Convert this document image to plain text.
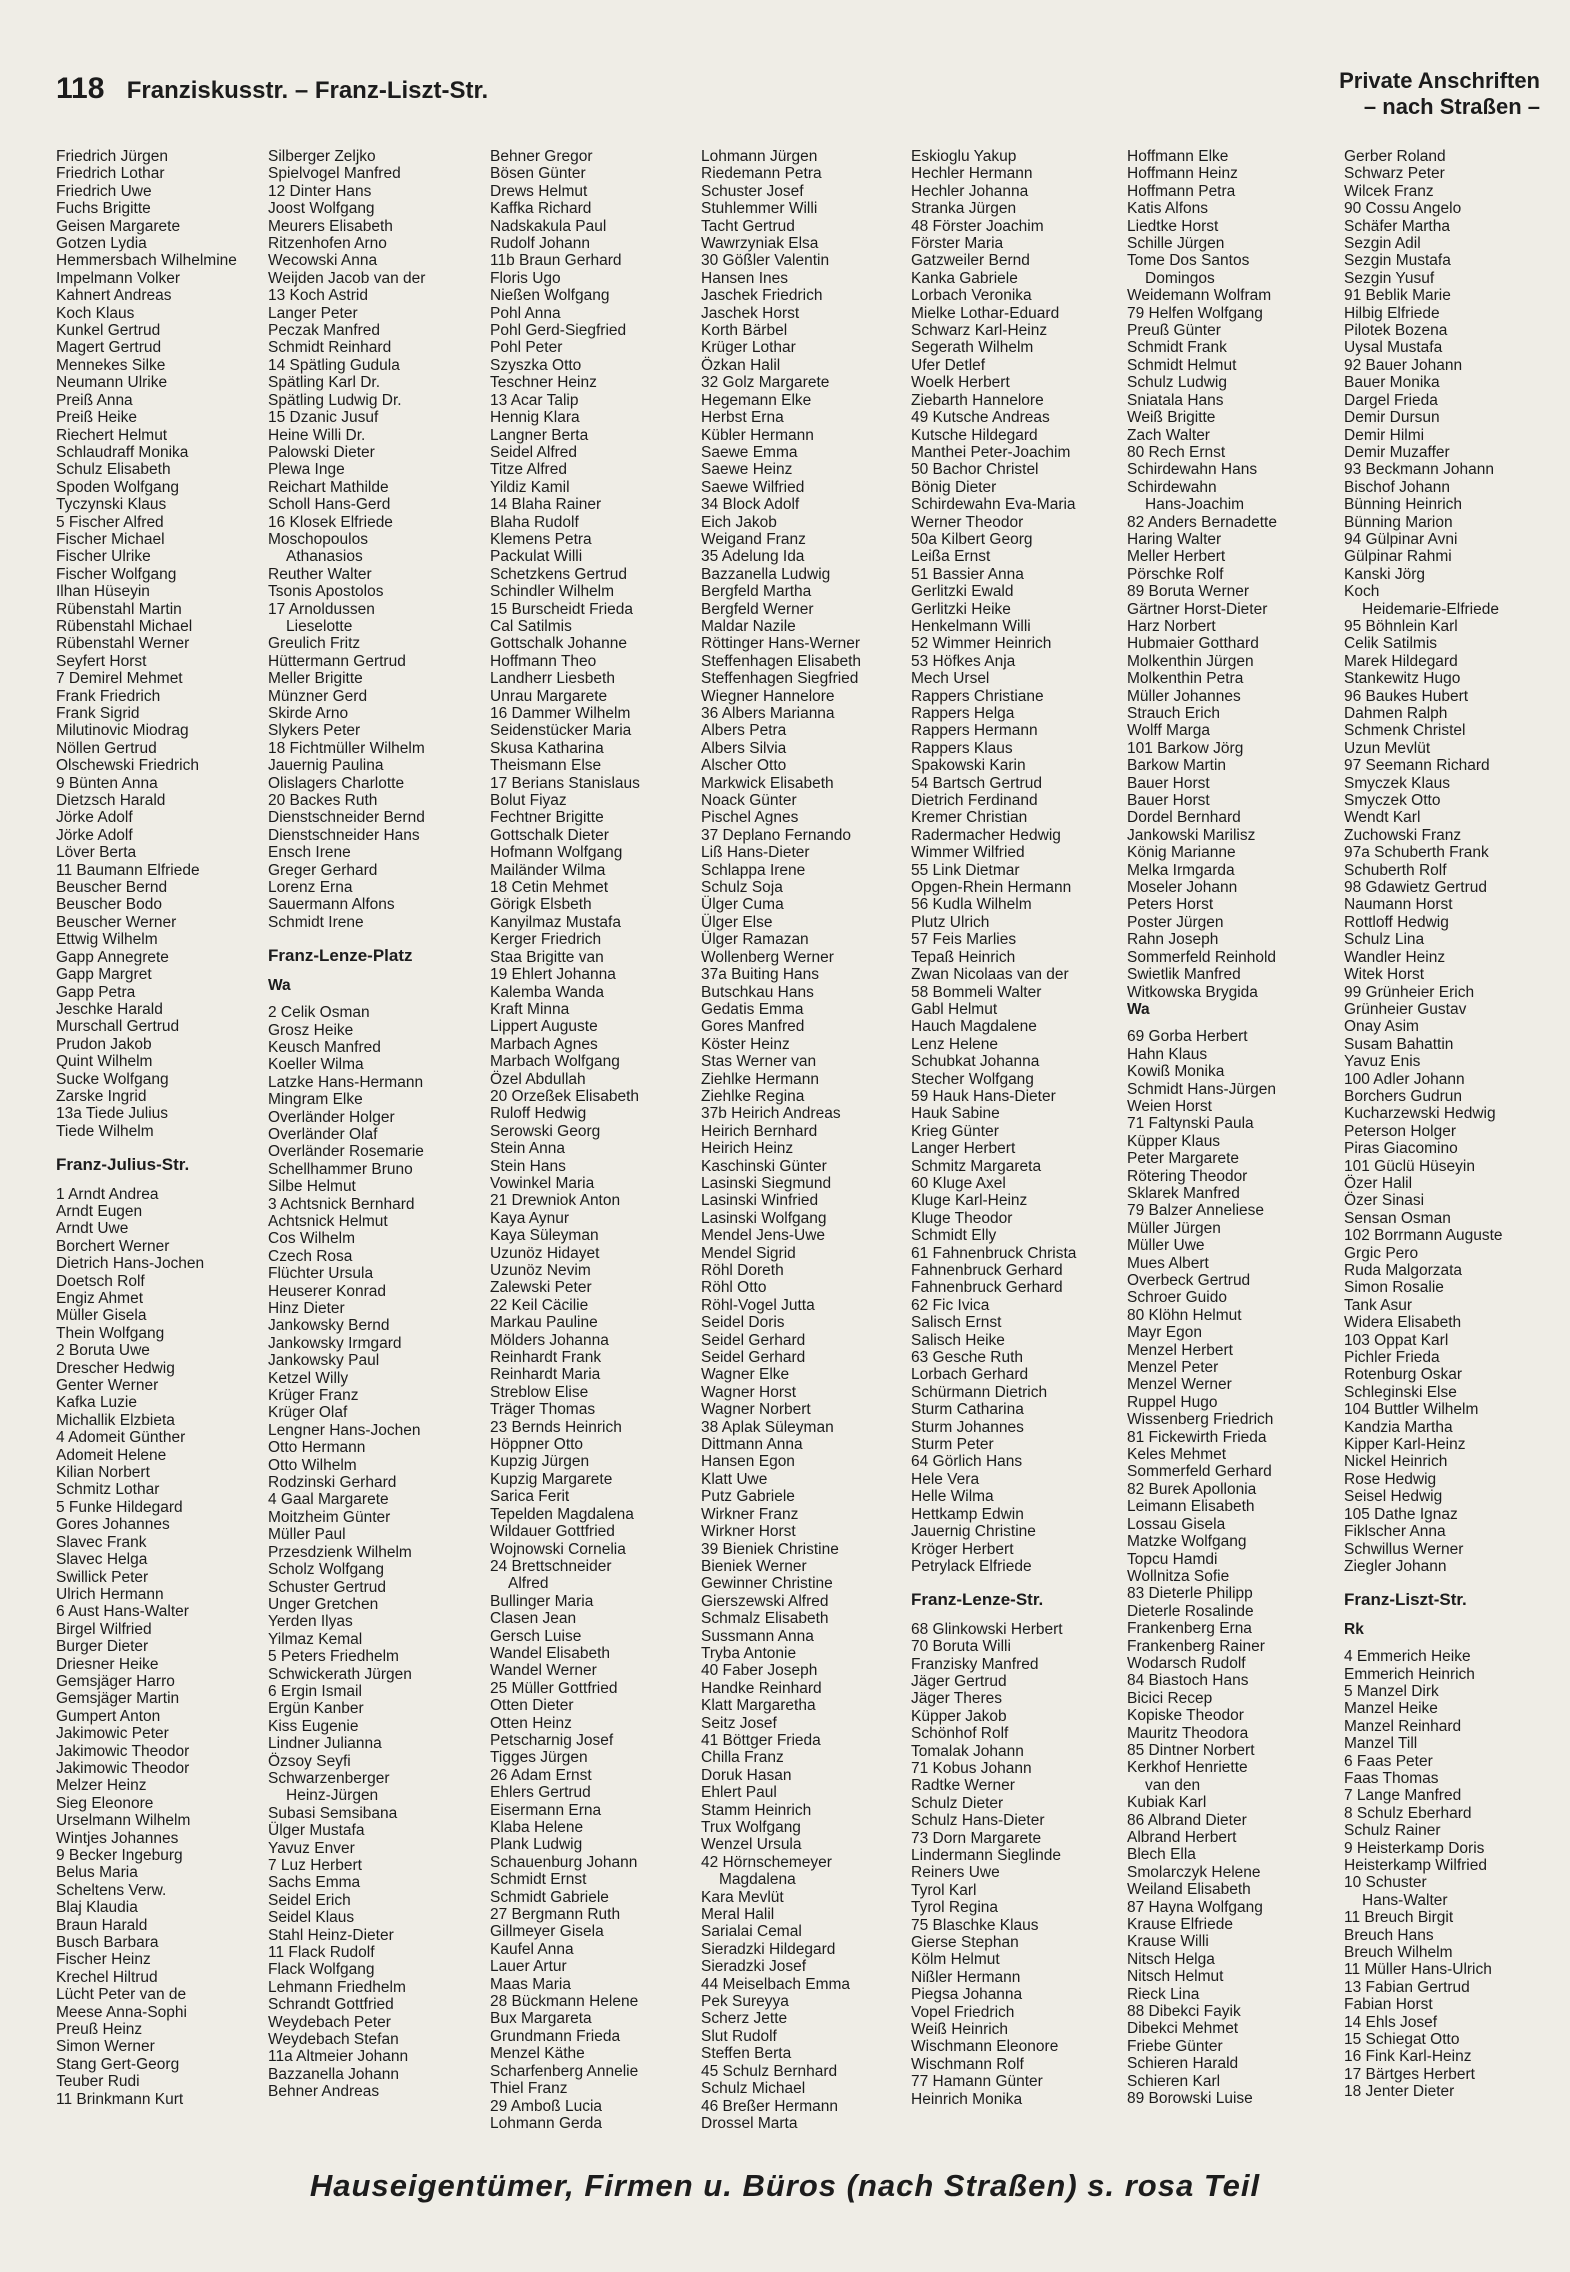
118 Franziskusstr. – Franz-Liszt-Str.	Private Anschriften
– nach Straßen –
Friedrich Jürgen
Friedrich Lothar
Friedrich Uwe
Fuchs Brigitte
Geisen Margarete
Gotzen Lydia
Hemmersbach Wilhelmine
Impelmann Volker
Kahnert Andreas
Koch Klaus
Kunkel Gertrud
Magert Gertrud
Mennekes Silke
Neumann Ulrike
Preiß Anna
Preiß Heike
Riechert Helmut
Schlaudraff Monika
Schulz Elisabeth
Spoden Wolfgang
Tyczynski Klaus
5 Fischer Alfred
Fischer Michael
Fischer Ulrike
Fischer Wolfgang
Ilhan Hüseyin
Rübenstahl Martin
Rübenstahl Michael
Rübenstahl Werner
Seyfert Horst
7 Demirel Mehmet
Frank Friedrich
Frank Sigrid
Milutinovic Miodrag
Nöllen Gertrud
Olschewski Friedrich
9 Bünten Anna
Dietzsch Harald
Jörke Adolf
Jörke Adolf
Löver Berta
11 Baumann Elfriede
Beuscher Bernd
Beuscher Bodo
Beuscher Werner
Ettwig Wilhelm
Gapp Annegrete
Gapp Margret
Gapp Petra
Jeschke Harald
Murschall Gertrud
Prudon Jakob
Quint Wilhelm
Sucke Wolfgang
Zarske Ingrid
13a Tiede Julius
Tiede Wilhelm
Franz-Julius-Str.
1 Arndt Andrea
Arndt Eugen
Arndt Uwe
Borchert Werner
Dietrich Hans-Jochen
Doetsch Rolf
Engiz Ahmet
Müller Gisela
Thein Wolfgang
2 Boruta Uwe
Drescher Hedwig
Genter Werner
Kafka Luzie
Michallik Elzbieta
4 Adomeit Günther
Adomeit Helene
Kilian Norbert
Schmitz Lothar
5 Funke Hildegard
Gores Johannes
Slavec Frank
Slavec Helga
Swillick Peter
Ulrich Hermann
6 Aust Hans-Walter
Birgel Wilfried
Burger Dieter
Driesner Heike
Gemsjäger Harro
Gemsjäger Martin
Gumpert Anton
Jakimowic Peter
Jakimowic Theodor
Jakimowic Theodor
Melzer Heinz
Sieg Eleonore
Urselmann Wilhelm
Wintjes Johannes
9 Becker Ingeburg
Belus Maria
Scheltens Verw.
Blaj Klaudia
Braun Harald
Busch Barbara
Fischer Heinz
Krechel Hiltrud
Lücht Peter van de
Meese Anna-Sophi
Preuß Heinz
Simon Werner
Stang Gert-Georg
Teuber Rudi
11 Brinkmann Kurt
Silberger Zeljko
Spielvogel Manfred
12 Dinter Hans
Joost Wolfgang
Meurers Elisabeth
Ritzenhofen Arno
Wecowski Anna
Weijden Jacob van der
13 Koch Astrid
Langer Peter
Peczak Manfred
Schmidt Reinhard
14 Spätling Gudula
Spätling Karl Dr.
Spätling Ludwig Dr.
15 Dzanic Jusuf
Heine Willi Dr.
Palowski Dieter
Plewa Inge
Reichart Mathilde
Scholl Hans-Gerd
16 Klosek Elfriede
Moschopoulos
Athanasios
Reuther Walter
Tsonis Apostolos
17 Arnoldussen
Lieselotte
Greulich Fritz
Hüttermann Gertrud
Meller Brigitte
Münzner Gerd
Skirde Arno
Slykers Peter
18 Fichtmüller Wilhelm
Jauernig Paulina
Olislagers Charlotte
20 Backes Ruth
Dienstschneider Bernd
Dienstschneider Hans
Ensch Irene
Greger Gerhard
Lorenz Erna
Sauermann Alfons
Schmidt Irene
Franz-Lenze-Platz
Wa
2 Celik Osman
Grosz Heike
Keusch Manfred
Koeller Wilma
Latzke Hans-Hermann
Mingram Elke
Overländer Holger
Overländer Olaf
Overländer Rosemarie
Schellhammer Bruno
Silbe Helmut
3 Achtsnick Bernhard
Achtsnick Helmut
Cos Wilhelm
Czech Rosa
Flüchter Ursula
Heuserer Konrad
Hinz Dieter
Jankowsky Bernd
Jankowsky Irmgard
Jankowsky Paul
Ketzel Willy
Krüger Franz
Krüger Olaf
Lengner Hans-Jochen
Otto Hermann
Otto Wilhelm
Rodzinski Gerhard
4 Gaal Margarete
Moitzheim Günter
Müller Paul
Przesdzienk Wilhelm
Scholz Wolfgang
Schuster Gertrud
Unger Gretchen
Yerden Ilyas
Yilmaz Kemal
5 Peters Friedhelm
Schwickerath Jürgen
6 Ergin Ismail
Ergün Kanber
Kiss Eugenie
Lindner Julianna
Özsoy Seyfi
Schwarzenberger
Heinz-Jürgen
Subasi Semsibana
Ülger Mustafa
Yavuz Enver
7 Luz Herbert
Sachs Emma
Seidel Erich
Seidel Klaus
Stahl Heinz-Dieter
11 Flack Rudolf
Flack Wolfgang
Lehmann Friedhelm
Schrandt Gottfried
Weydebach Peter
Weydebach Stefan
11a Altmeier Johann
Bazzanella Johann
Behner Andreas
Behner Gregor
Bösen Günter
Drews Helmut
Kaffka Richard
Nadskakula Paul
Rudolf Johann
11b Braun Gerhard
Floris Ugo
Nießen Wolfgang
Pohl Anna
Pohl Gerd-Siegfried
Pohl Peter
Szyszka Otto
Teschner Heinz
13 Acar Talip
Hennig Klara
Langner Berta
Seidel Alfred
Titze Alfred
Yildiz Kamil
14 Blaha Rainer
Blaha Rudolf
Klemens Petra
Packulat Willi
Schetzkens Gertrud
Schindler Wilhelm
15 Burscheidt Frieda
Cal Satilmis
Gottschalk Johanne
Hoffmann Theo
Landherr Liesbeth
Unrau Margarete
16 Dammer Wilhelm
Seidenstücker Maria
Skusa Katharina
Theismann Else
17 Berians Stanislaus
Bolut Fiyaz
Fechtner Brigitte
Gottschalk Dieter
Hofmann Wolfgang
Mailänder Wilma
18 Cetin Mehmet
Görigk Elsbeth
Kanyilmaz Mustafa
Kerger Friedrich
Staa Brigitte van
19 Ehlert Johanna
Kalemba Wanda
Kraft Minna
Lippert Auguste
Marbach Agnes
Marbach Wolfgang
Özel Abdullah
20 Orzeßek Elisabeth
Ruloff Hedwig
Serowski Georg
Stein Anna
Stein Hans
Vowinkel Maria
21 Drewniok Anton
Kaya Aynur
Kaya Süleyman
Uzunöz Hidayet
Uzunöz Nevim
Zalewski Peter
22 Keil Cäcilie
Markau Pauline
Mölders Johanna
Reinhardt Frank
Reinhardt Maria
Streblow Elise
Träger Thomas
23 Bernds Heinrich
Höppner Otto
Kupzig Jürgen
Kupzig Margarete
Sarica Ferit
Tepelden Magdalena
Wildauer Gottfried
Wojnowski Cornelia
24 Brettschneider
Alfred
Bullinger Maria
Clasen Jean
Gersch Luise
Wandel Elisabeth
Wandel Werner
25 Müller Gottfried
Otten Dieter
Otten Heinz
Petscharnig Josef
Tigges Jürgen
26 Adam Ernst
Ehlers Gertrud
Eisermann Erna
Klaba Helene
Plank Ludwig
Schauenburg Johann
Schmidt Ernst
Schmidt Gabriele
27 Bergmann Ruth
Gillmeyer Gisela
Kaufel Anna
Lauer Artur
Maas Maria
28 Bückmann Helene
Bux Margareta
Grundmann Frieda
Menzel Käthe
Scharfenberg Annelie
Thiel Franz
29 Amboß Lucia
Lohmann Gerda
Lohmann Jürgen
Riedemann Petra
Schuster Josef
Stuhlemmer Willi
Tacht Gertrud
Wawrzyniak Elsa
30 Gößler Valentin
Hansen Ines
Jaschek Friedrich
Jaschek Horst
Korth Bärbel
Krüger Lothar
Özkan Halil
32 Golz Margarete
Hegemann Elke
Herbst Erna
Kübler Hermann
Saewe Emma
Saewe Heinz
Saewe Wilfried
34 Block Adolf
Eich Jakob
Weigand Franz
35 Adelung Ida
Bazzanella Ludwig
Bergfeld Martha
Bergfeld Werner
Maldar Nazile
Röttinger Hans-Werner
Steffenhagen Elisabeth
Steffenhagen Siegfried
Wiegner Hannelore
36 Albers Marianna
Albers Petra
Albers Silvia
Alscher Otto
Markwick Elisabeth
Noack Günter
Pischel Agnes
37 Deplano Fernando
Liß Hans-Dieter
Schlappa Irene
Schulz Soja
Ülger Cuma
Ülger Else
Ülger Ramazan
Wollenberg Werner
37a Buiting Hans
Butschkau Hans
Gedatis Emma
Gores Manfred
Köster Heinz
Stas Werner van
Ziehlke Hermann
Ziehlke Regina
37b Heirich Andreas
Heirich Bernhard
Heirich Heinz
Kaschinski Günter
Lasinski Siegmund
Lasinski Winfried
Lasinski Wolfgang
Mendel Jens-Uwe
Mendel Sigrid
Röhl Doreth
Röhl Otto
Röhl-Vogel Jutta
Seidel Doris
Seidel Gerhard
Seidel Gerhard
Wagner Elke
Wagner Horst
Wagner Norbert
38 Aplak Süleyman
Dittmann Anna
Hansen Egon
Klatt Uwe
Putz Gabriele
Wirkner Franz
Wirkner Horst
39 Bieniek Christine
Bieniek Werner
Gewinner Christine
Gierszewski Alfred
Schmalz Elisabeth
Sussmann Anna
Tryba Antonie
40 Faber Joseph
Handke Reinhard
Klatt Margaretha
Seitz Josef
41 Böttger Frieda
Chilla Franz
Doruk Hasan
Ehlert Paul
Stamm Heinrich
Trux Wolfgang
Wenzel Ursula
42 Hörnschemeyer
Magdalena
Kara Mevlüt
Meral Halil
Sarialai Cemal
Sieradzki Hildegard
Sieradzki Josef
44 Meiselbach Emma
Pek Sureyya
Scherz Jette
Slut Rudolf
Steffen Berta
45 Schulz Bernhard
Schulz Michael
46 Breßer Hermann
Drossel Marta
Eskioglu Yakup
Hechler Hermann
Hechler Johanna
Stranka Jürgen
48 Förster Joachim
Förster Maria
Gatzweiler Bernd
Kanka Gabriele
Lorbach Veronika
Mielke Lothar-Eduard
Schwarz Karl-Heinz
Segerath Wilhelm
Ufer Detlef
Woelk Herbert
Ziebarth Hannelore
49 Kutsche Andreas
Kutsche Hildegard
Manthei Peter-Joachim
50 Bachor Christel
Bönig Dieter
Schirdewahn Eva-Maria
Werner Theodor
50a Kilbert Georg
Leißa Ernst
51 Bassier Anna
Gerlitzki Ewald
Gerlitzki Heike
Henkelmann Willi
52 Wimmer Heinrich
53 Höfkes Anja
Mech Ursel
Rappers Christiane
Rappers Helga
Rappers Hermann
Rappers Klaus
Spakowski Karin
54 Bartsch Gertrud
Dietrich Ferdinand
Kremer Christian
Radermacher Hedwig
Wimmer Wilfried
55 Link Dietmar
Opgen-Rhein Hermann
56 Kudla Wilhelm
Plutz Ulrich
57 Feis Marlies
Tepaß Heinrich
Zwan Nicolaas van der
58 Bommeli Walter
Gabl Helmut
Hauch Magdalene
Lenz Helene
Schubkat Johanna
Stecher Wolfgang
59 Hauk Hans-Dieter
Hauk Sabine
Krieg Günter
Langer Herbert
Schmitz Margareta
60 Kluge Axel
Kluge Karl-Heinz
Kluge Theodor
Schmidt Elly
61 Fahnenbruck Christa
Fahnenbruck Gerhard
Fahnenbruck Gerhard
62 Fic Ivica
Salisch Ernst
Salisch Heike
63 Gesche Ruth
Lorbach Gerhard
Schürmann Dietrich
Sturm Catharina
Sturm Johannes
Sturm Peter
64 Görlich Hans
Hele Vera
Helle Wilma
Hettkamp Edwin
Jauernig Christine
Kröger Herbert
Petrylack Elfriede
Franz-Lenze-Str.
68 Glinkowski Herbert
70 Boruta Willi
Franzisky Manfred
Jäger Gertrud
Jäger Theres
Küpper Jakob
Schönhof Rolf
Tomalak Johann
71 Kobus Johann
Radtke Werner
Schulz Dieter
Schulz Hans-Dieter
73 Dorn Margarete
Lindermann Sieglinde
Reiners Uwe
Tyrol Karl
Tyrol Regina
75 Blaschke Klaus
Gierse Stephan
Kölm Helmut
Nißler Hermann
Piegsa Johanna
Vopel Friedrich
Weiß Heinrich
Wischmann Eleonore
Wischmann Rolf
77 Hamann Günter
Heinrich Monika
Hoffmann Elke
Hoffmann Heinz
Hoffmann Petra
Katis Alfons
Liedtke Horst
Schille Jürgen
Tome Dos Santos
Domingos
Weidemann Wolfram
79 Helfen Wolfgang
Preuß Günter
Schmidt Frank
Schmidt Helmut
Schulz Ludwig
Sniatala Hans
Weiß Brigitte
Zach Walter
80 Rech Ernst
Schirdewahn Hans
Schirdewahn
Hans-Joachim
82 Anders Bernadette
Haring Walter
Meller Herbert
Pörschke Rolf
89 Boruta Werner
Gärtner Horst-Dieter
Harz Norbert
Hubmaier Gotthard
Molkenthin Jürgen
Molkenthin Petra
Müller Johannes
Strauch Erich
Wolff Marga
101 Barkow Jörg
Barkow Martin
Bauer Horst
Bauer Horst
Dordel Bernhard
Jankowski Marilisz
König Marianne
Melka Irmgarda
Moseler Johann
Peters Horst
Poster Jürgen
Rahn Joseph
Sommerfeld Reinhold
Swietlik Manfred
Witkowska Brygida
Wa
69 Gorba Herbert
Hahn Klaus
Kowiß Monika
Schmidt Hans-Jürgen
Weien Horst
71 Faltynski Paula
Küpper Klaus
Peter Margarete
Rötering Theodor
Sklarek Manfred
79 Balzer Anneliese
Müller Jürgen
Müller Uwe
Mues Albert
Overbeck Gertrud
Schroer Guido
80 Klöhn Helmut
Mayr Egon
Menzel Herbert
Menzel Peter
Menzel Werner
Ruppel Hugo
Wissenberg Friedrich
81 Fickewirth Frieda
Keles Mehmet
Sommerfeld Gerhard
82 Burek Apollonia
Leimann Elisabeth
Lossau Gisela
Matzke Wolfgang
Topcu Hamdi
Wollnitza Sofie
83 Dieterle Philipp
Dieterle Rosalinde
Frankenberg Erna
Frankenberg Rainer
Wodarsch Rudolf
84 Biastoch Hans
Bicici Recep
Kopiske Theodor
Mauritz Theodora
85 Dintner Norbert
Kerkhof Henriette
van den
Kubiak Karl
86 Albrand Dieter
Albrand Herbert
Blech Ella
Smolarczyk Helene
Weiland Elisabeth
87 Hayna Wolfgang
Krause Elfriede
Krause Willi
Nitsch Helga
Nitsch Helmut
Rieck Lina
88 Dibekci Fayik
Dibekci Mehmet
Friebe Günter
Schieren Harald
Schieren Karl
89 Borowski Luise
Gerber Roland
Schwarz Peter
Wilcek Franz
90 Cossu Angelo
Schäfer Martha
Sezgin Adil
Sezgin Mustafa
Sezgin Yusuf
91 Beblik Marie
Hilbig Elfriede
Pilotek Bozena
Uysal Mustafa
92 Bauer Johann
Bauer Monika
Dargel Frieda
Demir Dursun
Demir Hilmi
Demir Muzaffer
93 Beckmann Johann
Bischof Johann
Bünning Heinrich
Bünning Marion
94 Gülpinar Avni
Gülpinar Rahmi
Kanski Jörg
Koch
Heidemarie-Elfriede
95 Böhnlein Karl
Celik Satilmis
Marek Hildegard
Stankewitz Hugo
96 Baukes Hubert
Dahmen Ralph
Schmenk Christel
Uzun Mevlüt
97 Seemann Richard
Smyczek Klaus
Smyczek Otto
Wendt Karl
Zuchowski Franz
97a Schuberth Frank
Schuberth Rolf
98 Gdawietz Gertrud
Naumann Horst
Rottloff Hedwig
Schulz Lina
Wandler Heinz
Witek Horst
99 Grünheier Erich
Grünheier Gustav
Onay Asim
Susam Bahattin
Yavuz Enis
100 Adler Johann
Borchers Gudrun
Kucharzewski Hedwig
Peterson Holger
Piras Giacomino
101 Güclü Hüseyin
Özer Halil
Özer Sinasi
Sensan Osman
102 Borrmann Auguste
Grgic Pero
Ruda Malgorzata
Simon Rosalie
Tank Asur
Widera Elisabeth
103 Oppat Karl
Pichler Frieda
Rotenburg Oskar
Schleginski Else
104 Buttler Wilhelm
Kandzia Martha
Kipper Karl-Heinz
Nickel Heinrich
Rose Hedwig
Seisel Hedwig
105 Dathe Ignaz
Fiklscher Anna
Schwillus Werner
Ziegler Johann
Franz-Liszt-Str.
Rk
4 Emmerich Heike
Emmerich Heinrich
5 Manzel Dirk
Manzel Heike
Manzel Reinhard
Manzel Till
6 Faas Peter
Faas Thomas
7 Lange Manfred
8 Schulz Eberhard
Schulz Rainer
9 Heisterkamp Doris
Heisterkamp Wilfried
10 Schuster
Hans-Walter
11 Breuch Birgit
Breuch Hans
Breuch Wilhelm
11 Müller Hans-Ulrich
13 Fabian Gertrud
Fabian Horst
14 Ehls Josef
15 Schiegat Otto
16 Fink Karl-Heinz
17 Bärtges Herbert
18 Jenter Dieter
Hauseigentümer, Firmen u. Büros (nach Straßen) s. rosa Teil
